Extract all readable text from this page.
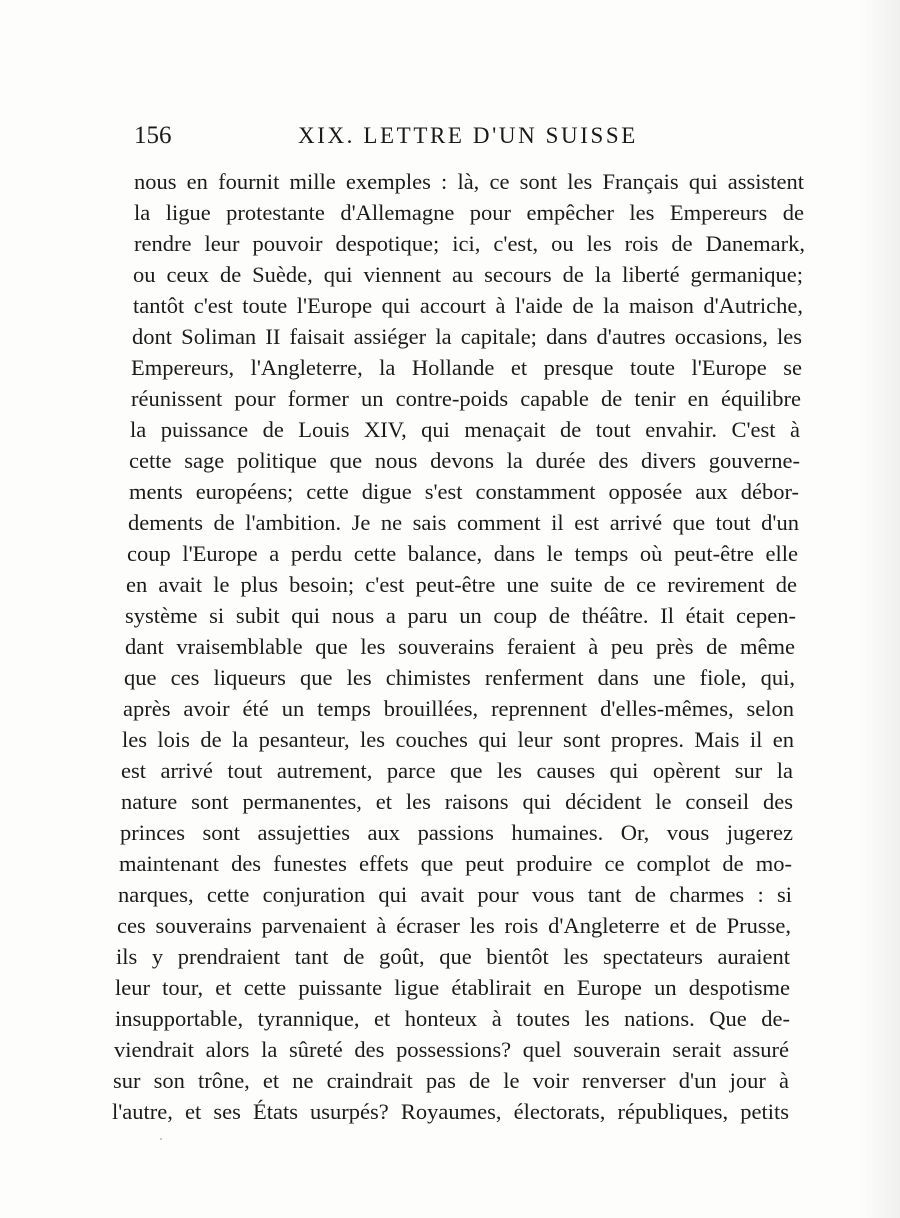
156	XIX. LETTRE D'UN SUISSE
nous en fournit mille exemples : là, ce sont les Français qui assistent
la ligue protestante d'Allemagne pour empêcher les Empereurs de
rendre leur pouvoir despotique; ici, c'est, ou les rois de Danemark,
ou ceux de Suède, qui viennent au secours de la liberté germanique;
tantôt c'est toute l'Europe qui accourt à l'aide de la maison d'Autriche,
dont Soliman II faisait assiéger la capitale; dans d'autres occasions, les
Empereurs, l'Angleterre, la Hollande et presque toute l'Europe se
réunissent pour former un contre-poids capable de tenir en équilibre
la puissance de Louis XIV, qui menaçait de tout envahir. C'est à
cette sage politique que nous devons la durée des divers gouverne-
ments européens; cette digue s'est constamment opposée aux débor-
dements de l'ambition. Je ne sais comment il est arrivé que tout d'un
coup l'Europe a perdu cette balance, dans le temps où peut-être elle
en avait le plus besoin; c'est peut-être une suite de ce revirement de
système si subit qui nous a paru un coup de théâtre. Il était cepen-
dant vraisemblable que les souverains feraient à peu près de même
que ces liqueurs que les chimistes renferment dans une fiole, qui,
après avoir été un temps brouillées, reprennent d'elles-mêmes, selon
les lois de la pesanteur, les couches qui leur sont propres. Mais il en
est arrivé tout autrement, parce que les causes qui opèrent sur la
nature sont permanentes, et les raisons qui décident le conseil des
princes sont assujetties aux passions humaines. Or, vous jugerez
maintenant des funestes effets que peut produire ce complot de mo-
narques, cette conjuration qui avait pour vous tant de charmes : si
ces souverains parvenaient à écraser les rois d'Angleterre et de Prusse,
ils y prendraient tant de goût, que bientôt les spectateurs auraient
leur tour, et cette puissante ligue établirait en Europe un despotisme
insupportable, tyrannique, et honteux à toutes les nations. Que de-
viendrait alors la sûreté des possessions? quel souverain serait assuré
sur son trône, et ne craindrait pas de le voir renverser d'un jour à
l'autre, et ses États usurpés? Royaumes, électorats, républiques, petits
